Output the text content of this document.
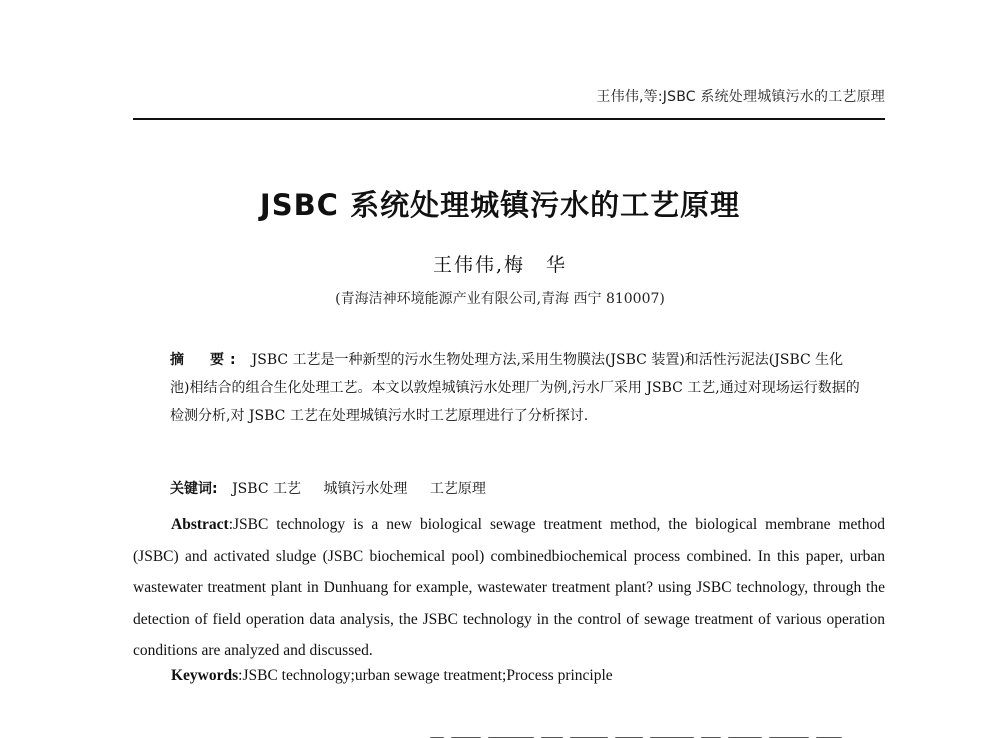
王伟伟,等:JSBC 系统处理城镇污水的工艺原理
JSBC 系统处理城镇污水的工艺原理
王伟伟,梅　华
(青海洁神环境能源产业有限公司,青海 西宁 810007)
摘　要: JSBC 工艺是一种新型的污水生物处理方法,采用生物膜法(JSBC 装置)和活性污泥法(JSBC 生化池)相结合的组合生化处理工艺。本文以敦煌城镇污水处理厂为例,污水厂采用 JSBC 工艺,通过对现场运行数据的检测分析,对 JSBC 工艺在处理城镇污水时工艺原理进行了分析探讨.
关键词: JSBC 工艺 城镇污水处理 工艺原理
Abstract:JSBC technology is a new biological sewage treatment method, the biological membrane method (JSBC) and activated sludge (JSBC biochemical pool) combinedbiochemical process combined. In this paper, urban wastewater treatment plant in Dunhuang for example, wastewater treatment plant? using JSBC technology, through the detection of field operation data analysis, the JSBC technology in the control of sewage treatment of various operation conditions are analyzed and discussed.
Keywords:JSBC technology;urban sewage treatment;Process principle
